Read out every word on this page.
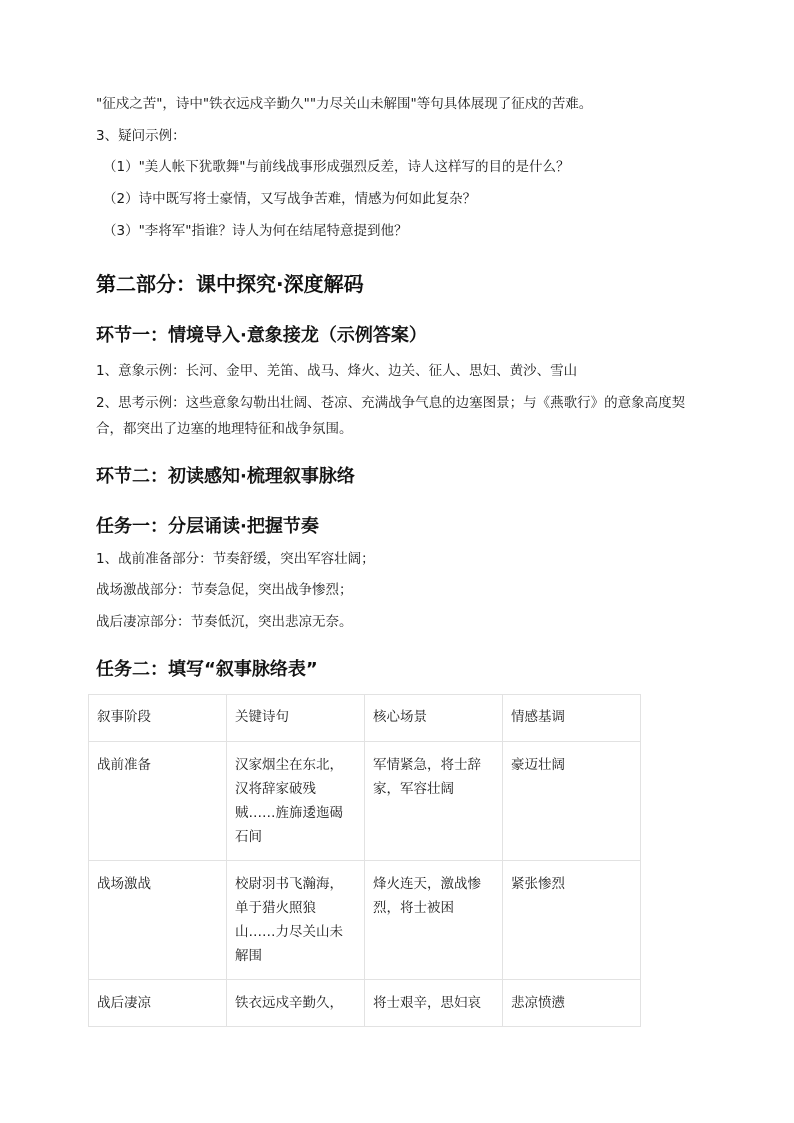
"征戍之苦"，诗中"铁衣远戍辛勤久""力尽关山未解围"等句具体展现了征戍的苦难。
3、疑问示例：
（1）"美人帐下犹歌舞"与前线战事形成强烈反差，诗人这样写的目的是什么？
（2）诗中既写将士豪情，又写战争苦难，情感为何如此复杂？
（3）"李将军"指谁？诗人为何在结尾特意提到他？
第二部分：课中探究·深度解码
环节一：情境导入·意象接龙（示例答案）
1、意象示例：长河、金甲、羌笛、战马、烽火、边关、征人、思妇、黄沙、雪山
2、思考示例：这些意象勾勒出壮阔、苍凉、充满战争气息的边塞图景；与《燕歌行》的意象高度契合，都突出了边塞的地理特征和战争氛围。
环节二：初读感知·梳理叙事脉络
任务一：分层诵读·把握节奏
1、战前准备部分：节奏舒缓，突出军容壮阔；
战场激战部分：节奏急促，突出战争惨烈；
战后凄凉部分：节奏低沉，突出悲凉无奈。
任务二：填写“叙事脉络表”
叙事阶段	关键诗句	核心场景	情感基调
战前准备	汉家烟尘在东北，汉将辞家破残贼……旌旆逶迤碣石间	军情紧急，将士辞家，军容壮阔	豪迈壮阔
战场激战	校尉羽书飞瀚海，单于猎火照狼山……力尽关山未解围	烽火连天，激战惨烈，将士被困	紧张惨烈
战后凄凉	铁衣远戍辛勤久，	将士艰辛，思妇哀	悲凉愤懑
